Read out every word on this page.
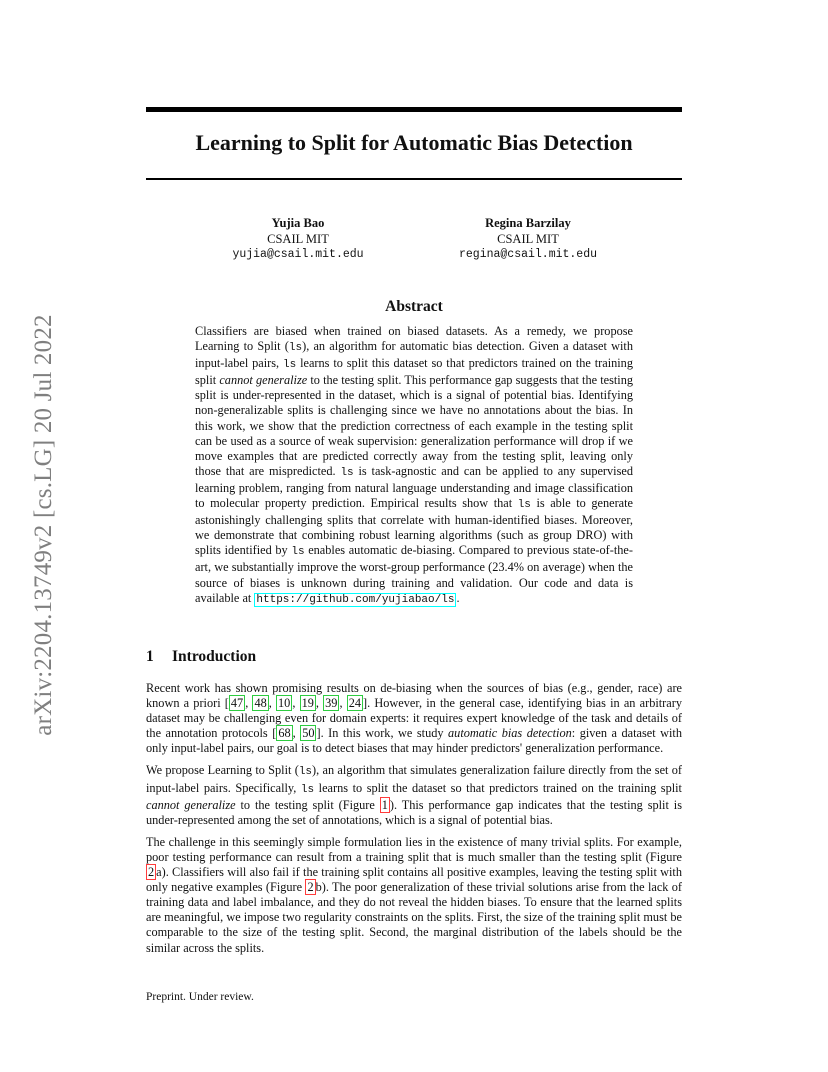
arXiv:2204.13749v2 [cs.LG] 20 Jul 2022
Learning to Split for Automatic Bias Detection
Yujia Bao
CSAIL MIT
yujia@csail.mit.edu
Regina Barzilay
CSAIL MIT
regina@csail.mit.edu
Abstract

Classifiers are biased when trained on biased datasets. As a remedy, we propose Learning to Split (ls), an algorithm for automatic bias detection. Given a dataset with input-label pairs, ls learns to split this dataset so that predictors trained on the training split cannot generalize to the testing split. This performance gap suggests that the testing split is under-represented in the dataset, which is a signal of potential bias. Identifying non-generalizable splits is challenging since we have no annotations about the bias. In this work, we show that the prediction correctness of each example in the testing split can be used as a source of weak supervision: generalization performance will drop if we move examples that are predicted correctly away from the testing split, leaving only those that are mispredicted. ls is task-agnostic and can be applied to any supervised learning problem, ranging from natural language understanding and image classification to molecular property prediction. Empirical results show that ls is able to generate astonishingly challenging splits that correlate with human-identified biases. Moreover, we demonstrate that combining robust learning algorithms (such as group DRO) with splits identified by ls enables automatic de-biasing. Compared to previous state-of-the-art, we substantially improve the worst-group performance (23.4% on average) when the source of biases is unknown during training and validation. Our code and data is available at https://github.com/yujiabao/ls .

1 Introduction

Recent work has shown promising results on de-biasing when the sources of bias (e.g., gender, race) are known a priori [ 47 , 48 , 10 , 19 , 39 , 24 ]. However, in the general case, identifying bias in an arbitrary dataset may be challenging even for domain experts: it requires expert knowledge of the task and details of the annotation protocols [ 68 , 50 ]. In this work, we study automatic bias detection: given a dataset with only input-label pairs, our goal is to detect biases that may hinder predictors' generalization performance.

We propose Learning to Split (ls), an algorithm that simulates generalization failure directly from the set of input-label pairs. Specifically, ls learns to split the dataset so that predictors trained on the training split cannot generalize to the testing split (Figure 1 ). This performance gap indicates that the testing split is under-represented among the set of annotations, which is a signal of potential bias.

The challenge in this seemingly simple formulation lies in the existence of many trivial splits. For example, poor testing performance can result from a training split that is much smaller than the testing split (Figure 2 a). Classifiers will also fail if the training split contains all positive examples, leaving the testing split with only negative examples (Figure 2 b). The poor generalization of these trivial solutions arise from the lack of training data and label imbalance, and they do not reveal the hidden biases. To ensure that the learned splits are meaningful, we impose two regularity constraints on the splits. First, the size of the training split must be comparable to the size of the testing split. Second, the marginal distribution of the labels should be the similar across the splits.

Preprint. Under review.
